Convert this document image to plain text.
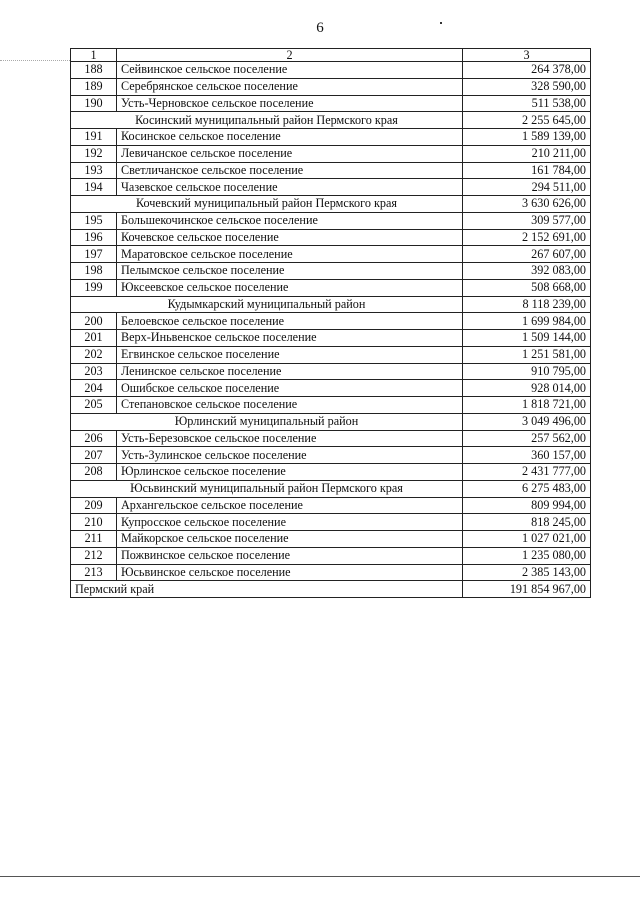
6
1	2	3
188	Сейвинское сельское поселение	264 378,00
189	Серебрянское сельское поселение	328 590,00
190	Усть-Черновское сельское поселение	511 538,00
Косинский муниципальный район Пермского края		2 255 645,00
191	Косинское сельское поселение	1 589 139,00
192	Левичанское сельское поселение	210 211,00
193	Светличанское сельское поселение	161 784,00
194	Чазевское сельское поселение	294 511,00
Кочевский муниципальный район Пермского края		3 630 626,00
195	Большекочинское сельское поселение	309 577,00
196	Кочевское сельское поселение	2 152 691,00
197	Маратовское сельское поселение	267 607,00
198	Пелымское сельское поселение	392 083,00
199	Юксеевское сельское поселение	508 668,00
Кудымкарский муниципальный район		8 118 239,00
200	Белоевское сельское поселение	1 699 984,00
201	Верх-Иньвенское сельское поселение	1 509 144,00
202	Егвинское сельское поселение	1 251 581,00
203	Ленинское сельское поселение	910 795,00
204	Ошибское сельское поселение	928 014,00
205	Степановское сельское поселение	1 818 721,00
Юрлинский муниципальный район		3 049 496,00
206	Усть-Березовское сельское поселение	257 562,00
207	Усть-Зулинское сельское поселение	360 157,00
208	Юрлинское сельское поселение	2 431 777,00
Юсьвинский муниципальный район Пермского края		6 275 483,00
209	Архангельское сельское поселение	809 994,00
210	Купросское сельское поселение	818 245,00
211	Майкорское сельское поселение	1 027 021,00
212	Пожвинское сельское поселение	1 235 080,00
213	Юсьвинское сельское поселение	2 385 143,00
Пермский край		191 854 967,00
